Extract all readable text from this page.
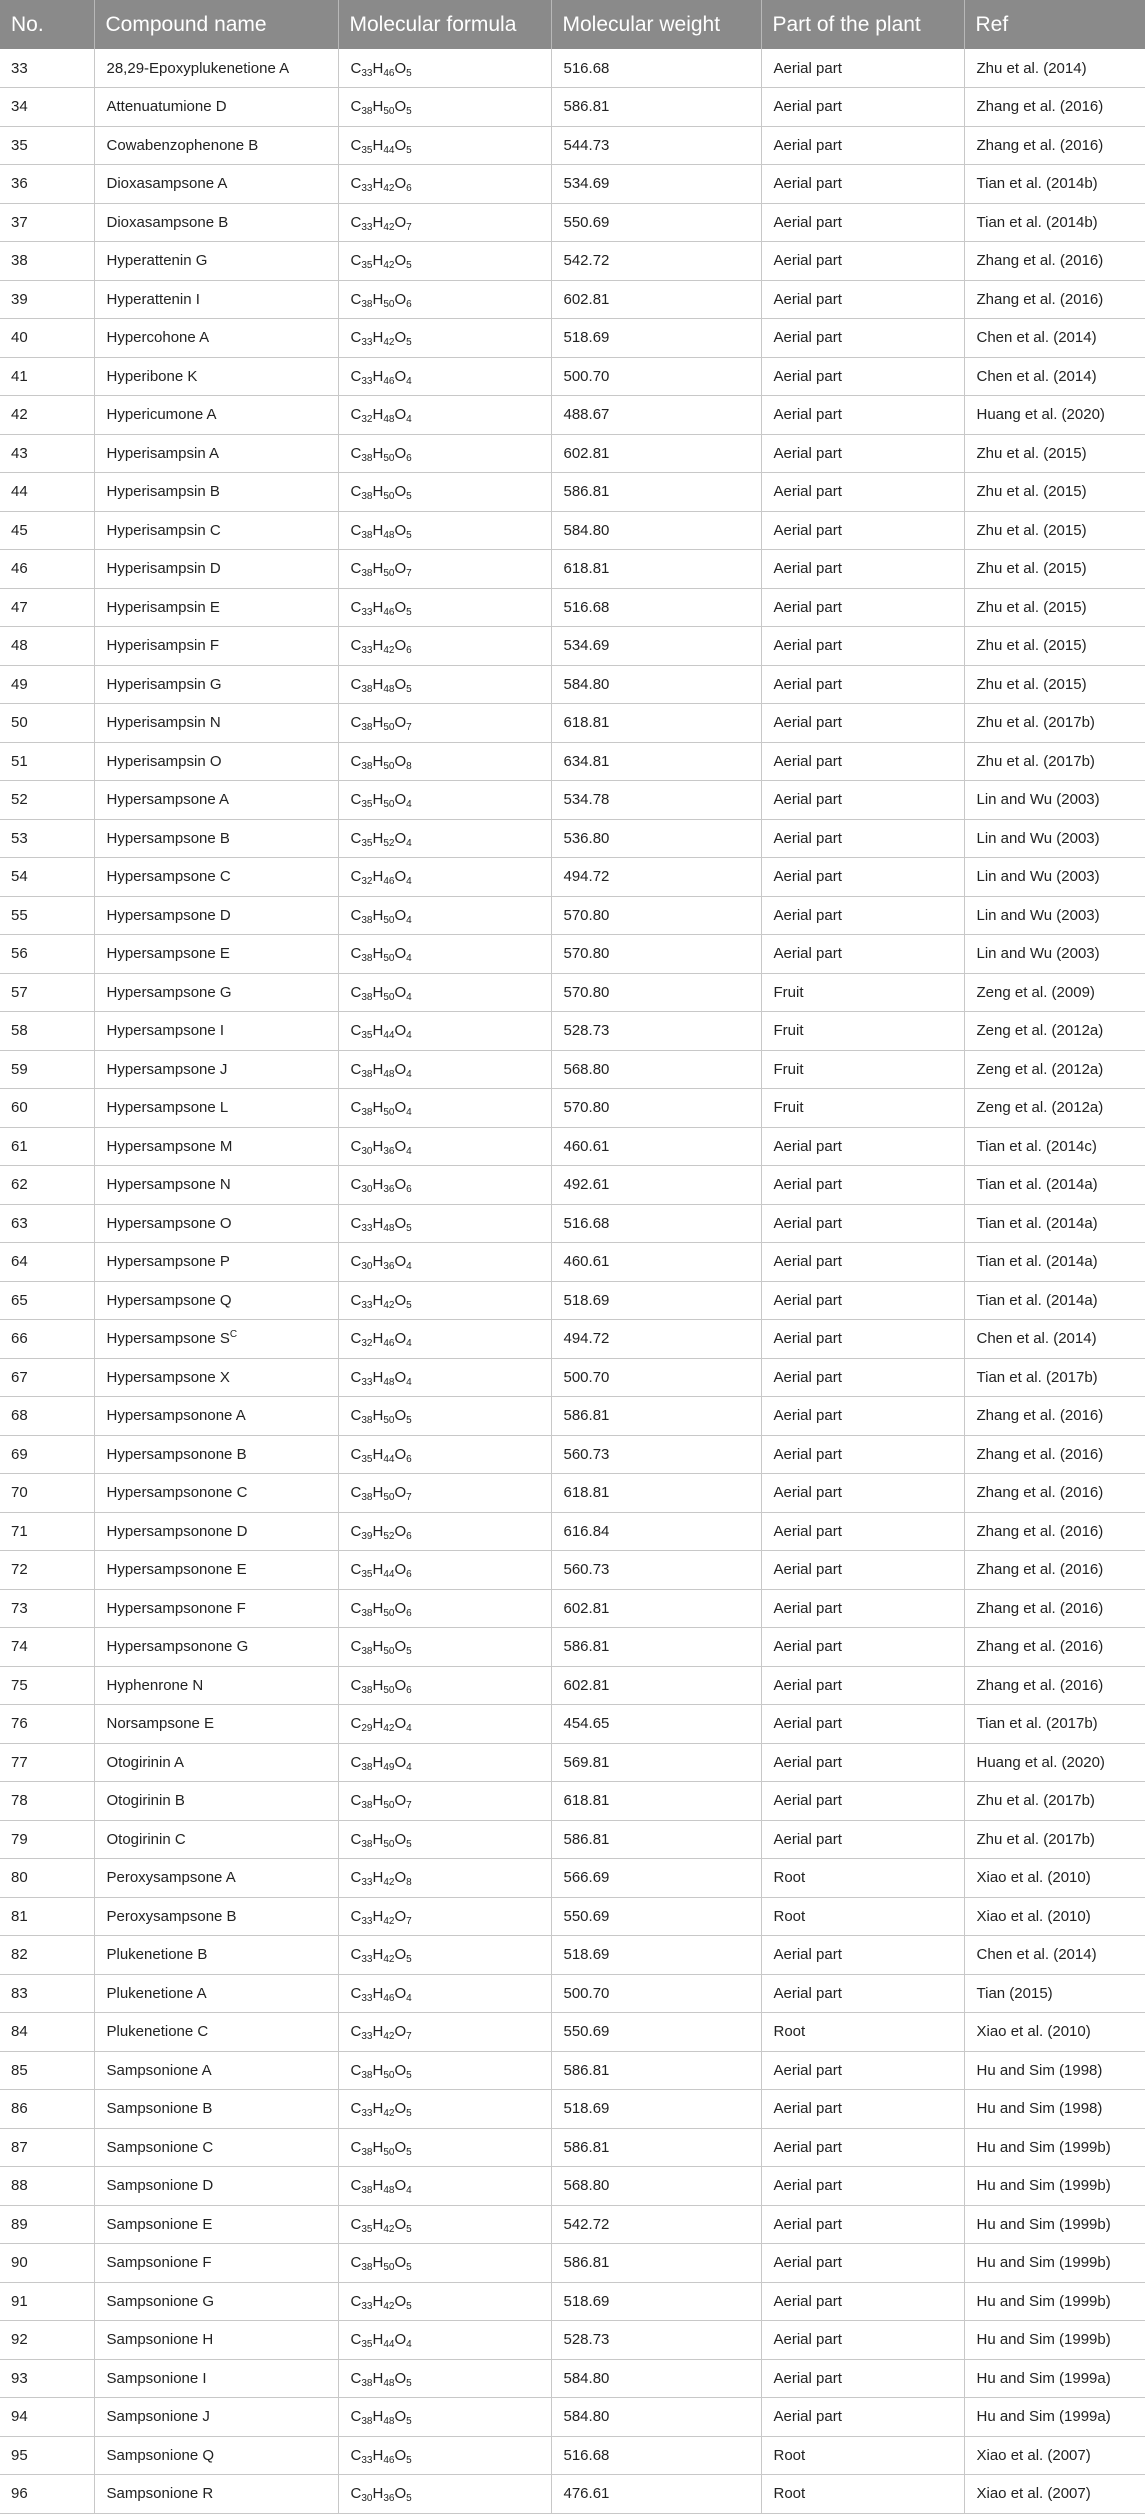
No.	Compound name	Molecular formula	Molecular weight	Part of the plant	Ref
33	28,29-Epoxyplukenetione A	$C_{33}H_{46}O_5$	516.68	Aerial part	Zhu et al. (2014)
34	Attenuatumione D	$C_{38}H_{50}O_5$	586.81	Aerial part	Zhang et al. (2016)
35	Cowabenzophenone B	$C_{35}H_{44}O_5$	544.73	Aerial part	Zhang et al. (2016)
36	Dioxasampsone A	$C_{33}H_{42}O_6$	534.69	Aerial part	Tian et al. (2014b)
37	Dioxasampsone B	$C_{33}H_{42}O_7$	550.69	Aerial part	Tian et al. (2014b)
38	Hyperattenin G	$C_{35}H_{42}O_5$	542.72	Aerial part	Zhang et al. (2016)
39	Hyperattenin I	$C_{38}H_{50}O_6$	602.81	Aerial part	Zhang et al. (2016)
40	Hypercohone A	$C_{33}H_{42}O_5$	518.69	Aerial part	Chen et al. (2014)
41	Hyperibone K	$C_{33}H_{46}O_4$	500.70	Aerial part	Chen et al. (2014)
42	Hypericumone A	$C_{32}H_{48}O_4$	488.67	Aerial part	Huang et al. (2020)
43	Hyperisampsin A	$C_{38}H_{50}O_6$	602.81	Aerial part	Zhu et al. (2015)
44	Hyperisampsin B	$C_{38}H_{50}O_5$	586.81	Aerial part	Zhu et al. (2015)
45	Hyperisampsin C	$C_{38}H_{48}O_5$	584.80	Aerial part	Zhu et al. (2015)
46	Hyperisampsin D	$C_{38}H_{50}O_7$	618.81	Aerial part	Zhu et al. (2015)
47	Hyperisampsin E	$C_{33}H_{46}O_5$	516.68	Aerial part	Zhu et al. (2015)
48	Hyperisampsin F	$C_{33}H_{42}O_6$	534.69	Aerial part	Zhu et al. (2015)
49	Hyperisampsin G	$C_{38}H_{48}O_5$	584.80	Aerial part	Zhu et al. (2015)
50	Hyperisampsin N	$C_{38}H_{50}O_7$	618.81	Aerial part	Zhu et al. (2017b)
51	Hyperisampsin O	$C_{38}H_{50}O_8$	634.81	Aerial part	Zhu et al. (2017b)
52	Hypersampsone A	$C_{35}H_{50}O_4$	534.78	Aerial part	Lin and Wu (2003)
53	Hypersampsone B	$C_{35}H_{52}O_4$	536.80	Aerial part	Lin and Wu (2003)
54	Hypersampsone C	$C_{32}H_{46}O_4$	494.72	Aerial part	Lin and Wu (2003)
55	Hypersampsone D	$C_{38}H_{50}O_4$	570.80	Aerial part	Lin and Wu (2003)
56	Hypersampsone E	$C_{38}H_{50}O_4$	570.80	Aerial part	Lin and Wu (2003)
57	Hypersampsone G	$C_{38}H_{50}O_4$	570.80	Fruit	Zeng et al. (2009)
58	Hypersampsone I	$C_{35}H_{44}O_4$	528.73	Fruit	Zeng et al. (2012a)
59	Hypersampsone J	$C_{38}H_{48}O_4$	568.80	Fruit	Zeng et al. (2012a)
60	Hypersampsone L	$C_{38}H_{50}O_4$	570.80	Fruit	Zeng et al. (2012a)
61	Hypersampsone M	$C_{30}H_{36}O_4$	460.61	Aerial part	Tian et al. (2014c)
62	Hypersampsone N	$C_{30}H_{36}O_6$	492.61	Aerial part	Tian et al. (2014a)
63	Hypersampsone O	$C_{33}H_{48}O_5$	516.68	Aerial part	Tian et al. (2014a)
64	Hypersampsone P	$C_{30}H_{36}O_4$	460.61	Aerial part	Tian et al. (2014a)
65	Hypersampsone Q	$C_{33}H_{42}O_5$	518.69	Aerial part	Tian et al. (2014a)
66	Hypersampsone $S^C$	$C_{32}H_{46}O_4$	494.72	Aerial part	Chen et al. (2014)
67	Hypersampsone X	$C_{33}H_{48}O_4$	500.70	Aerial part	Tian et al. (2017b)
68	Hypersampsonone A	$C_{38}H_{50}O_5$	586.81	Aerial part	Zhang et al. (2016)
69	Hypersampsonone B	$C_{35}H_{44}O_6$	560.73	Aerial part	Zhang et al. (2016)
70	Hypersampsonone C	$C_{38}H_{50}O_7$	618.81	Aerial part	Zhang et al. (2016)
71	Hypersampsonone D	$C_{39}H_{52}O_6$	616.84	Aerial part	Zhang et al. (2016)
72	Hypersampsonone E	$C_{35}H_{44}O_6$	560.73	Aerial part	Zhang et al. (2016)
73	Hypersampsonone F	$C_{38}H_{50}O_6$	602.81	Aerial part	Zhang et al. (2016)
74	Hypersampsonone G	$C_{38}H_{50}O_5$	586.81	Aerial part	Zhang et al. (2016)
75	Hyphenrone N	$C_{38}H_{50}O_6$	602.81	Aerial part	Zhang et al. (2016)
76	Norsampsone E	$C_{29}H_{42}O_4$	454.65	Aerial part	Tian et al. (2017b)
77	Otogirinin A	$C_{38}H_{49}O_4$	569.81	Aerial part	Huang et al. (2020)
78	Otogirinin B	$C_{38}H_{50}O_7$	618.81	Aerial part	Zhu et al. (2017b)
79	Otogirinin C	$C_{38}H_{50}O_5$	586.81	Aerial part	Zhu et al. (2017b)
80	Peroxysampsone A	$C_{33}H_{42}O_8$	566.69	Root	Xiao et al. (2010)
81	Peroxysampsone B	$C_{33}H_{42}O_7$	550.69	Root	Xiao et al. (2010)
82	Plukenetione B	$C_{33}H_{42}O_5$	518.69	Aerial part	Chen et al. (2014)
83	Plukenetione A	$C_{33}H_{46}O_4$	500.70	Aerial part	Tian (2015)
84	Plukenetione C	$C_{33}H_{42}O_7$	550.69	Root	Xiao et al. (2010)
85	Sampsonione A	$C_{38}H_{50}O_5$	586.81	Aerial part	Hu and Sim (1998)
86	Sampsonione B	$C_{33}H_{42}O_5$	518.69	Aerial part	Hu and Sim (1998)
87	Sampsonione C	$C_{38}H_{50}O_5$	586.81	Aerial part	Hu and Sim (1999b)
88	Sampsonione D	$C_{38}H_{48}O_4$	568.80	Aerial part	Hu and Sim (1999b)
89	Sampsonione E	$C_{35}H_{42}O_5$	542.72	Aerial part	Hu and Sim (1999b)
90	Sampsonione F	$C_{38}H_{50}O_5$	586.81	Aerial part	Hu and Sim (1999b)
91	Sampsonione G	$C_{33}H_{42}O_5$	518.69	Aerial part	Hu and Sim (1999b)
92	Sampsonione H	$C_{35}H_{44}O_4$	528.73	Aerial part	Hu and Sim (1999b)
93	Sampsonione I	$C_{38}H_{48}O_5$	584.80	Aerial part	Hu and Sim (1999a)
94	Sampsonione J	$C_{38}H_{48}O_5$	584.80	Aerial part	Hu and Sim (1999a)
95	Sampsonione Q	$C_{33}H_{46}O_5$	516.68	Root	Xiao et al. (2007)
96	Sampsonione R	$C_{30}H_{36}O_5$	476.61	Root	Xiao et al. (2007)
